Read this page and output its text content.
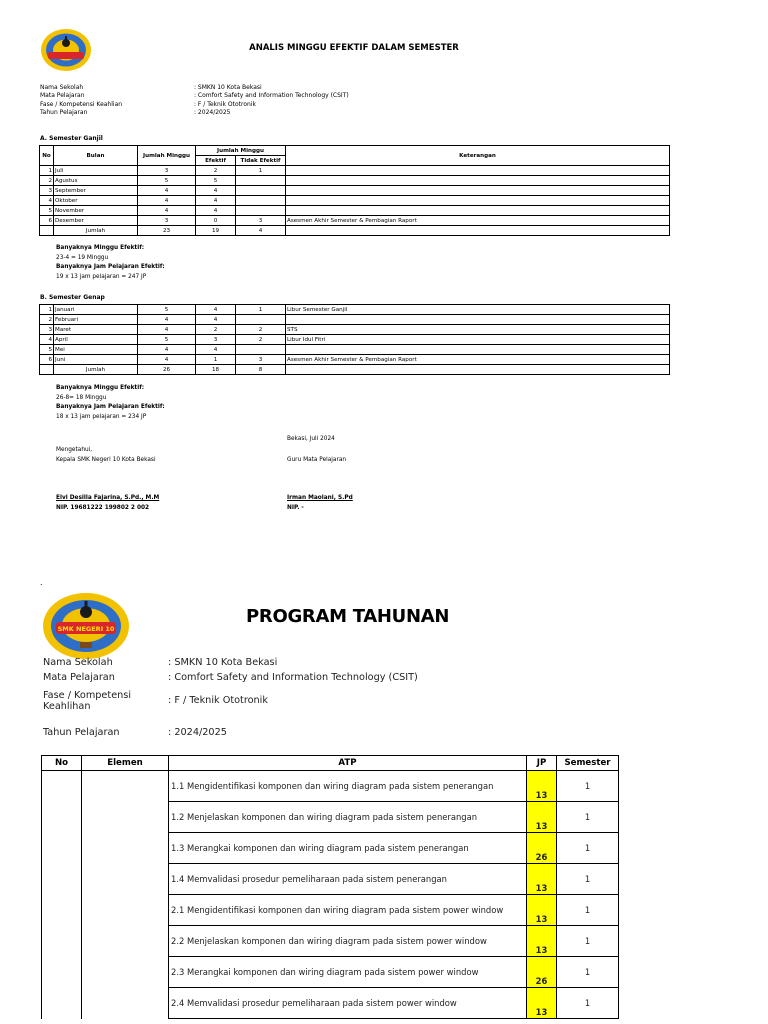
ANALIS MINGGU EFEKTIF DALAM SEMESTER
Nama Sekolah	: SMKN 10 Kota Bekasi
Mata Pelajaran	: Comfort Safety and Information Technology (CSIT)
Fase / Kompetensi Keahlian	: F / Teknik Ototronik
Tahun Pelajaran	: 2024/2025
A. Semester Ganjil
No	Bulan	Jumlah Minggu	Jumlah Minggu		Keterangan
			Efektif	Tidak Efektif	
1	Juli	3	2	1	
2	Agustus	5	5		
3	September	4	4		
4	Oktober	4	4		
5	November	4	4		
6	Desember	3	0	3	Asesmen Akhir Semester & Pembagian Raport
	Jumlah	23	19	4	
Banyaknya Minggu Efektif:
23-4 = 19 Minggu
Banyaknya Jam Pelajaran Efektif:
19 x 13 jam pelajaran = 247 JP
B. Semester Genap
1	Januari	5	4	1	Libur Semester Ganjil
2	Februari	4	4		
3	Maret	4	2	2	STS
4	April	5	3	2	Libur Idul Fitri
5	Mei	4	4		
6	Juni	4	1	3	Asesmen Akhir Semester & Pembagian Raport
	Jumlah	26	18	8	
Banyaknya Minggu Efektif:
26-8= 18 Minggu
Banyaknya Jam Pelajaran Efektif:
18 x 13 jam pelajaran = 234 JP
Bekasi, Juli 2024
Mengetahui,
Kepala SMK Negeri 10 Kota Bekasi	Guru Mata Pelajaran
Elvi Desilla Fajarina, S.Pd., M.M
NIP. 19681222 199802 2 002
Irman Maolani, S.Pd
NIP. -
.
SMK NEGERI 10
PROGRAM TAHUNAN
Nama Sekolah	: SMKN 10 Kota Bekasi
Mata Pelajaran	: Comfort Safety and Information Technology (CSIT)
Fase / Kompetensi Keahlihan
: F / Teknik Ototronik
Tahun Pelajaran	: 2024/2025
No	Elemen	ATP	JP	Semester
		1.1 Mengidentifikasi komponen dan wiring diagram pada sistem penerangan	13	1
		1.2 Menjelaskan komponen dan wiring diagram pada sistem penerangan	13	1
		1.3 Merangkai komponen dan wiring diagram pada sistem penerangan	26	1
		1.4 Memvalidasi prosedur pemeliharaan pada sistem penerangan	13	1
		2.1 Mengidentifikasi komponen dan wiring diagram pada sistem power window	13	1
		2.2 Menjelaskan komponen dan wiring diagram pada sistem power window	13	1
		2.3 Merangkai komponen dan wiring diagram pada sistem power window	26	1
		2.4 Memvalidasi prosedur pemeliharaan pada sistem power window	13	1
